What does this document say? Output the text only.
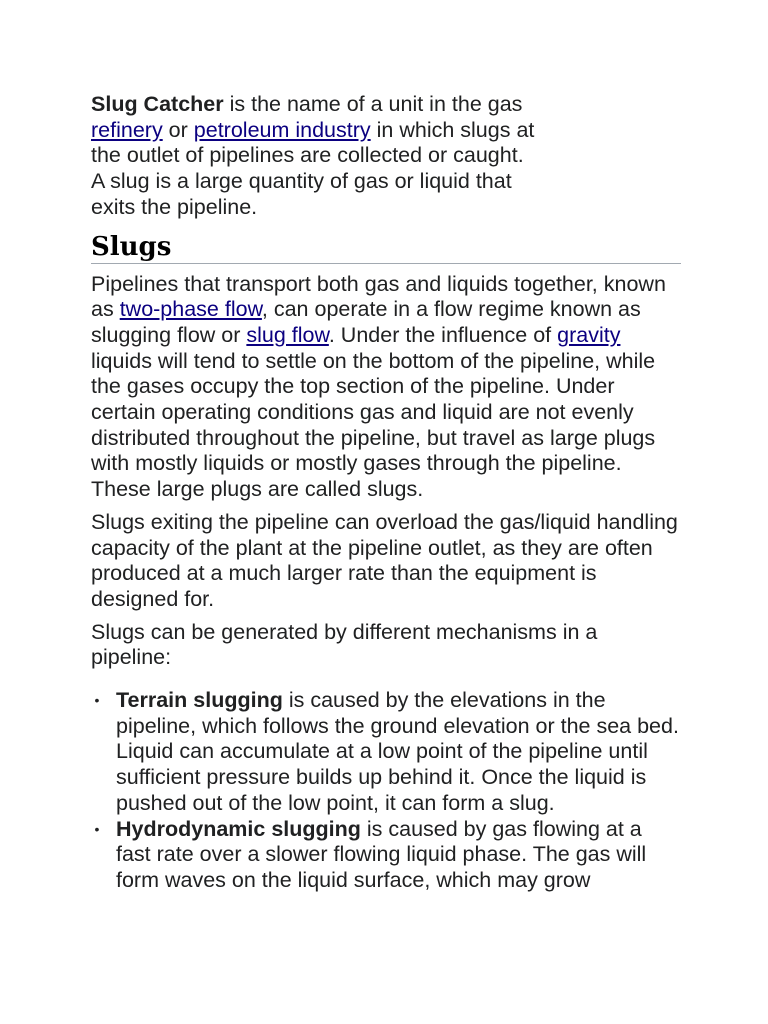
Slug Catcher is the name of a unit in the gas refinery or petroleum industry in which slugs at the outlet of pipelines are collected or caught. A slug is a large quantity of gas or liquid that exits the pipeline.

Slugs

Pipelines that transport both gas and liquids together, known as two-phase flow, can operate in a flow regime known as slugging flow or slug flow. Under the influence of gravity liquids will tend to settle on the bottom of the pipeline, while the gases occupy the top section of the pipeline. Under certain operating conditions gas and liquid are not evenly distributed throughout the pipeline, but travel as large plugs with mostly liquids or mostly gases through the pipeline. These large plugs are called slugs.

Slugs exiting the pipeline can overload the gas/liquid handling capacity of the plant at the pipeline outlet, as they are often produced at a much larger rate than the equipment is designed for.

Slugs can be generated by different mechanisms in a pipeline:

• Terrain slugging is caused by the elevations in the pipeline, which follows the ground elevation or the sea bed. Liquid can accumulate at a low point of the pipeline until sufficient pressure builds up behind it. Once the liquid is pushed out of the low point, it can form a slug.
• Hydrodynamic slugging is caused by gas flowing at a fast rate over a slower flowing liquid phase. The gas will form waves on the liquid surface, which may grow
